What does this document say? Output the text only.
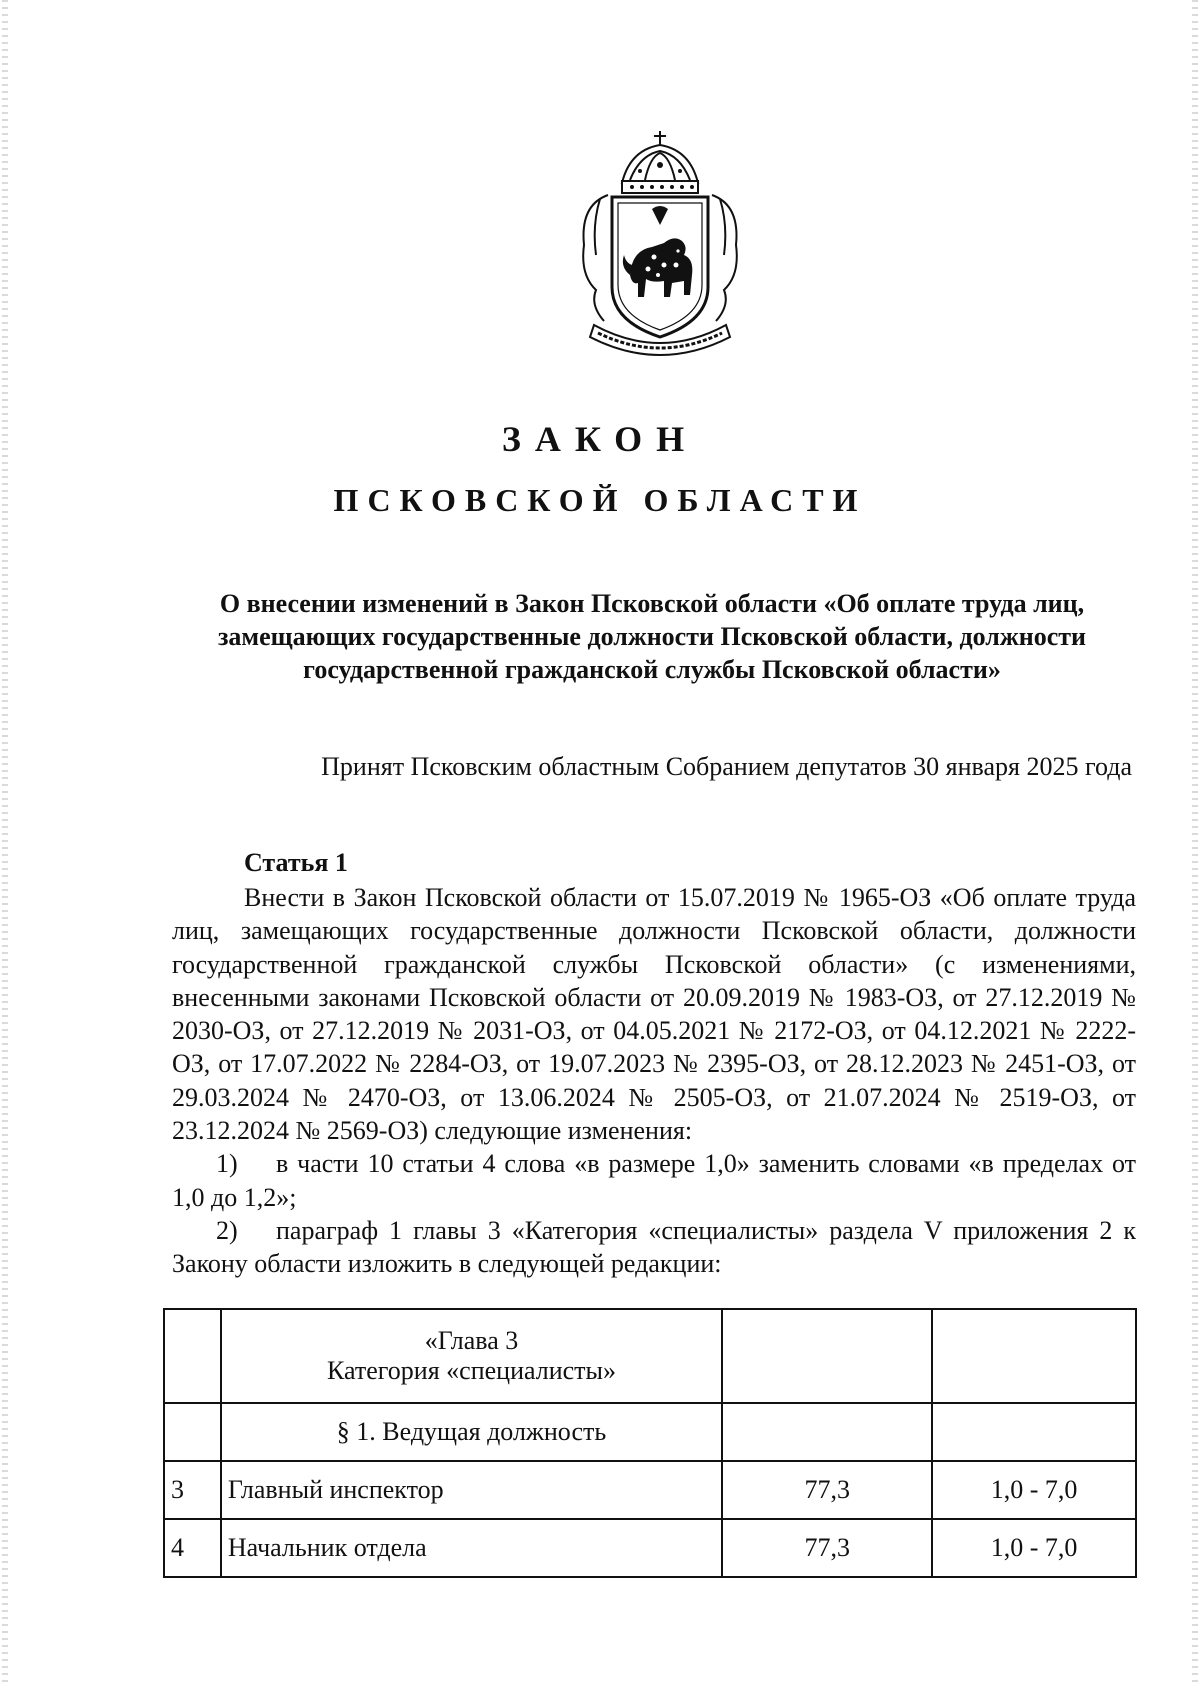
ЗАКОН
ПСКОВСКОЙ ОБЛАСТИ
О внесении изменений в Закон Псковской области «Об оплате труда лиц,
замещающих государственные должности Псковской области, должности
государственной гражданской службы Псковской области»

Принят Псковским областным Собранием депутатов 30 января 2025 года

Статья 1

Внести в Закон Псковской области от 15.07.2019 № 1965-ОЗ «Об оплате труда лиц, замещающих государственные должности Псковской области, должности государственной гражданской службы Псковской области» (с изменениями, внесенными законами Псковской области от 20.09.2019 № 1983-ОЗ, от 27.12.2019 № 2030-ОЗ, от 27.12.2019 № 2031-ОЗ, от 04.05.2021 № 2172-ОЗ, от 04.12.2021 № 2222-ОЗ, от 17.07.2022 № 2284-ОЗ, от 19.07.2023 № 2395-ОЗ, от 28.12.2023 № 2451-ОЗ, от 29.03.2024 № 2470-ОЗ, от 13.06.2024 № 2505-ОЗ, от 21.07.2024 № 2519-ОЗ, от 23.12.2024 № 2569-ОЗ) следующие изменения:

1) в части 10 статьи 4 слова «в размере 1,0» заменить словами «в пределах от 1,0 до 1,2»;

2) параграф 1 главы 3 «Категория «специалисты» раздела V приложения 2 к Закону области изложить в следующей редакции:

	«Глава 3
Категория «специалисты»		

	§ 1. Ведущая должность		
3	Главный инспектор	77,3	1,0 - 7,0
4	Начальник отдела	77,3	1,0 - 7,0
